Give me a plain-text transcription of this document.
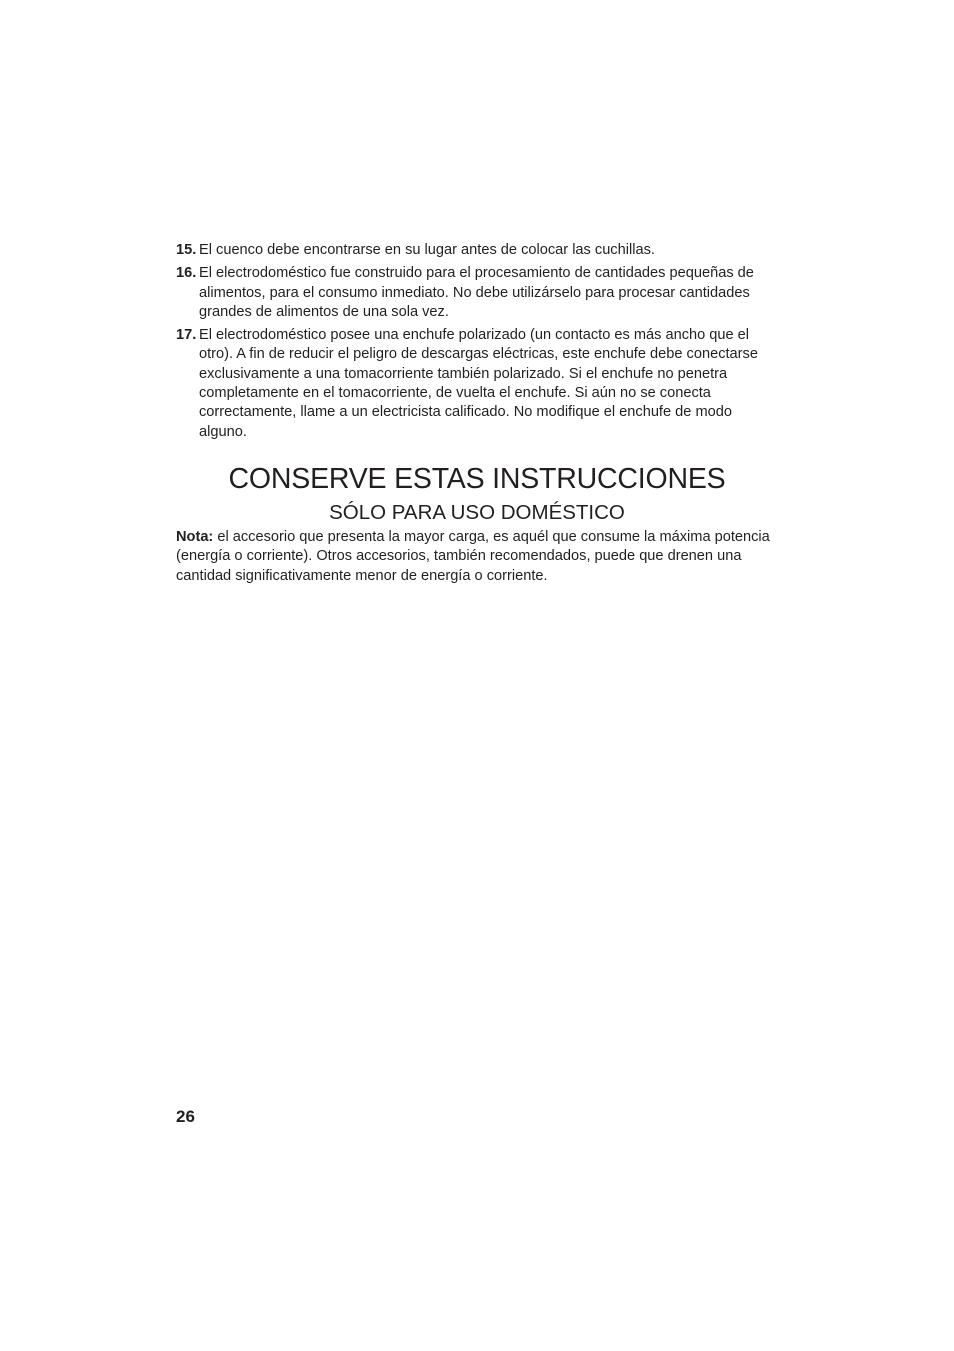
15. El cuenco debe encontrarse en su lugar antes de colocar las cuchillas.
16. El electrodoméstico fue construido para el procesamiento de cantidades pequeñas de alimentos, para el consumo inmediato. No debe utilizárselo para procesar cantidades grandes de alimentos de una sola vez.
17. El electrodoméstico posee una enchufe polarizado (un contacto es más ancho que el otro). A fin de reducir el peligro de descargas eléctricas, este enchufe debe conectarse exclusivamente a una tomacorriente también polarizado. Si el enchufe no penetra completamente en el tomacorriente, de vuelta el enchufe. Si aún no se conecta correctamente, llame a un electricista calificado. No modifique el enchufe de modo alguno.
CONSERVE ESTAS INSTRUCCIONES
SÓLO PARA USO DOMÉSTICO

Nota: el accesorio que presenta la mayor carga, es aquél que consume la máxima potencia (energía o corriente). Otros accesorios, también recomendados, puede que drenen una cantidad significativamente menor de energía o corriente.

26
